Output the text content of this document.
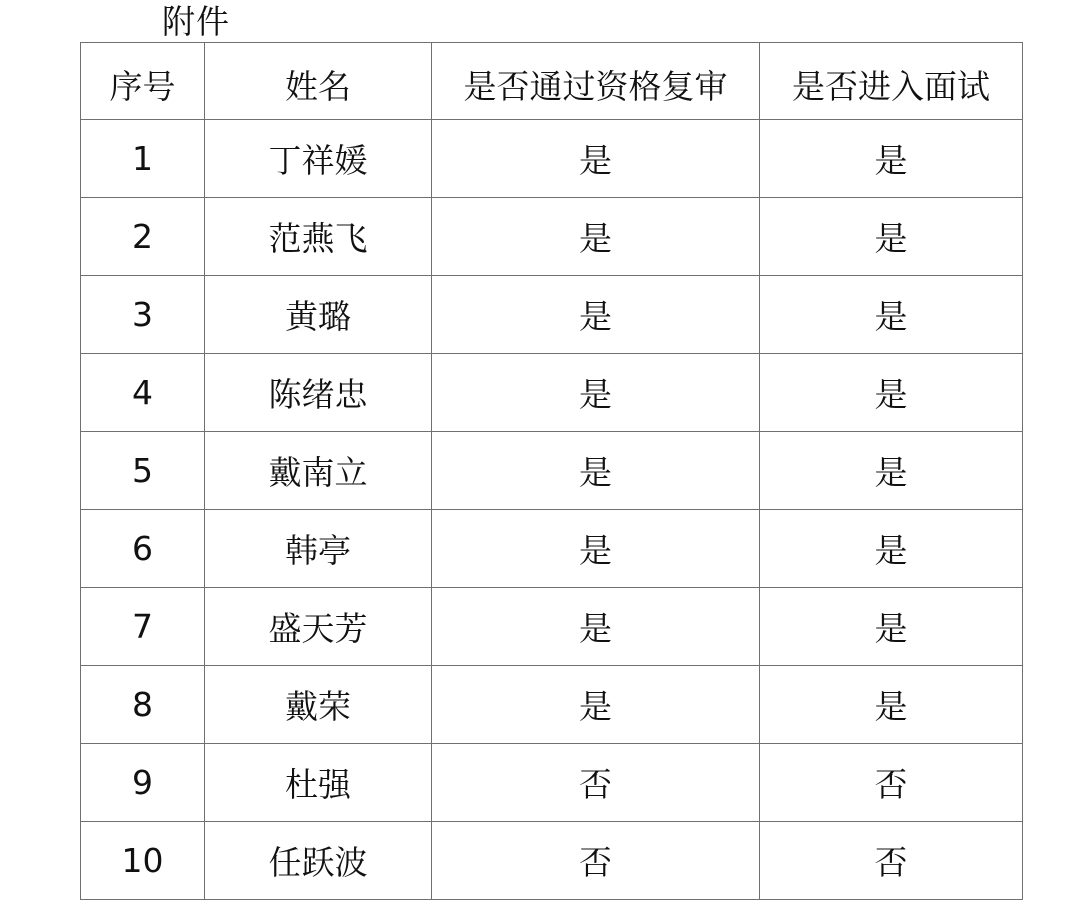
附件
序号	姓名	是否通过资格复审	是否进入面试
1	丁祥媛	是	是
2	范燕飞	是	是
3	黄璐	是	是
4	陈绪忠	是	是
5	戴南立	是	是
6	韩亭	是	是
7	盛天芳	是	是
8	戴荣	是	是
9	杜强	否	否
10	任跃波	否	否
